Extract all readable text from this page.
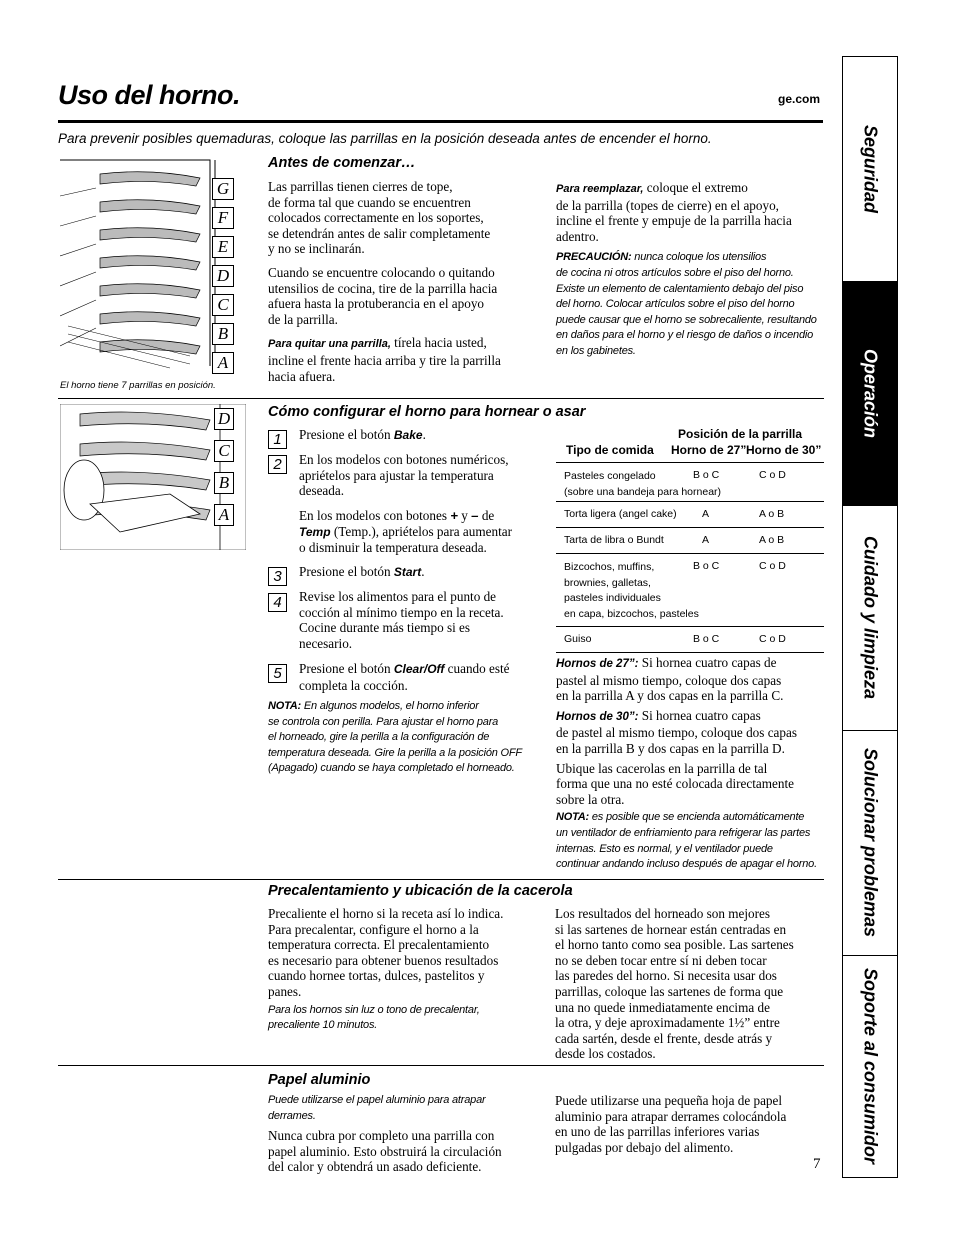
Uso del horno.	ge.com
Para prevenir posibles quemaduras, coloque las parrillas en la posición deseada antes de encender el horno.
G
F
E
D
C
B
A
El horno tiene 7 parrillas en posición.
Antes de comenzar…
Las parrillas tienen cierres de tope,
de forma tal que cuando se encuentren
colocados correctamente en los soportes,
se detendrán antes de salir completamente
y no se inclinarán.
Cuando se encuentre colocando o quitando
utensilios de cocina, tire de la parrilla hacia
afuera hasta la protuberancia en el apoyo
de la parrilla.
Para quitar una parrilla, tírela hacia usted,
incline el frente hacia arriba y tire la parrilla
hacia afuera.
Para reemplazar, coloque el extremo
de la parrilla (topes de cierre) en el apoyo,
incline el frente y empuje de la parrilla hacia
adentro.
PRECAUCIÓN: nunca coloque los utensilios
de cocina ni otros artículos sobre el piso del horno.
Existe un elemento de calentamiento debajo del piso
del horno. Colocar artículos sobre el piso del horno
puede causar que el horno se sobrecaliente, resultando
en daños para el horno y el riesgo de daños o incendio
en los gabinetes.
D
C
B
A
Cómo configurar el horno para hornear o asar
1
2
3
4
5
Presione el botón Bake.
En los modelos con botones numéricos,
apriételos para ajustar la temperatura
deseada.
En los modelos con botones + y – de
Temp (Temp.), apriételos para aumentar
o disminuir la temperatura deseada.
Presione el botón Start.
Revise los alimentos para el punto de
cocción al mínimo tiempo en la receta.
Cocine durante más tiempo si es
necesario.
Presione el botón Clear/Off cuando esté
completa la cocción.
NOTA: En algunos modelos, el horno inferior
se controla con perilla. Para ajustar el horno para
el horneado, gire la perilla a la configuración de
temperatura deseada. Gire la perilla a la posición OFF
(Apagado) cuando se haya completado el horneado.
Posición de la parrilla
Tipo de comida Horno de 27” Horno de 30”
Pasteles congelado
(sobre una bandeja para hornear)
B o C	C o D
Torta ligera (angel cake) A	A o B
Tarta de libra o Bundt	A	A o B
Bizcochos, muffins,
brownies, galletas,
pasteles individuales
en capa, bizcochos, pasteles
B o C	C o D
Guiso	B o C	C o D
Hornos de 27”: Si hornea cuatro capas de
pastel al mismo tiempo, coloque dos capas
en la parrilla A y dos capas en la parrilla C.
Hornos de 30”: Si hornea cuatro capas
de pastel al mismo tiempo, coloque dos capas
en la parrilla B y dos capas en la parrilla D.
Ubique las cacerolas en la parrilla de tal
forma que una no esté colocada directamente
sobre la otra.
NOTA: es posible que se encienda automáticamente
un ventilador de enfriamiento para refrigerar las partes
internas. Esto es normal, y el ventilador puede
continuar andando incluso después de apagar el horno.
Precalentamiento y ubicación de la cacerola
Precaliente el horno si la receta así lo indica.
Para precalentar, configure el horno a la
temperatura correcta. El precalentamiento
es necesario para obtener buenos resultados
cuando hornee tortas, dulces, pastelitos y
panes.
Para los hornos sin luz o tono de precalentar,
precaliente 10 minutos.
Los resultados del horneado son mejores
si las sartenes de hornear están centradas en
el horno tanto como sea posible. Las sartenes
no se deben tocar entre sí ni deben tocar
las paredes del horno. Si necesita usar dos
parrillas, coloque las sartenes de forma que
una no quede inmediatamente encima de
la otra, y deje aproximadamente 1½” entre
cada sartén, desde el frente, desde atrás y
desde los costados.
Papel aluminio
Puede utilizarse el papel aluminio para atrapar
derrames.
Nunca cubra por completo una parrilla con
papel aluminio. Esto obstruirá la circulación
del calor y obtendrá un asado deficiente.
Puede utilizarse una pequeña hoja de papel
aluminio para atrapar derrames colocándola
en uno de las parrillas inferiores varias
pulgadas por debajo del alimento.
7
Seguridad
Operación
Cuidado y limpieza
Solucionar problemas
Soporte al consumidor
